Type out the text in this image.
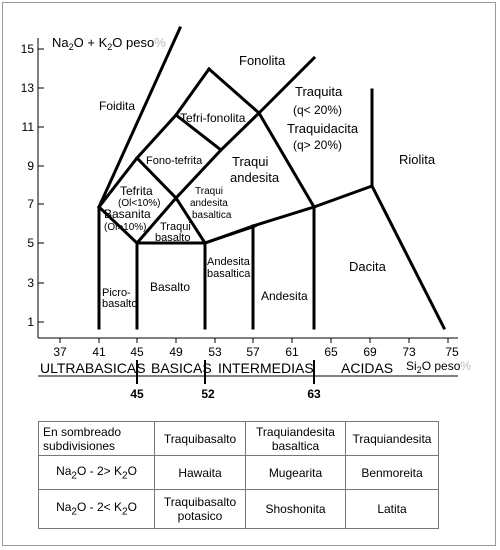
Foidita
Fonolita
Tefri-fonolita
Traquita
(q< 20%)
Traquidacita
(q> 20%)
Fono-tefrita Traqui
andesita
Riolita
Tefrita
(Ol<10%)
Basanita
(Ol>10%)
Traqui
andesita
basaltica
Traqui
basalto
Andesita
basaltica	Dacita
Picro-
basalto
Basalto
Andesita
$Na_2O + K_2O$ peso%
15
13
11
9
7
5
3
1
37 41 45 49 53 57 61 65 69 73 75
$Si_2O$ peso%
ULTRABASICAS BASICAS INTERMEDIAS ACIDAS
45	52	63
En sombreado subdivisiones	Traquibasalto	Traquiandesita basaltica	Traquiandesita
$Na_2O - 2> K_2O$	Hawaita	Mugearita	Benmoreita
$Na_2O - 2< K_2O$	Traquibasalto potasico	Shoshonita	Latita
